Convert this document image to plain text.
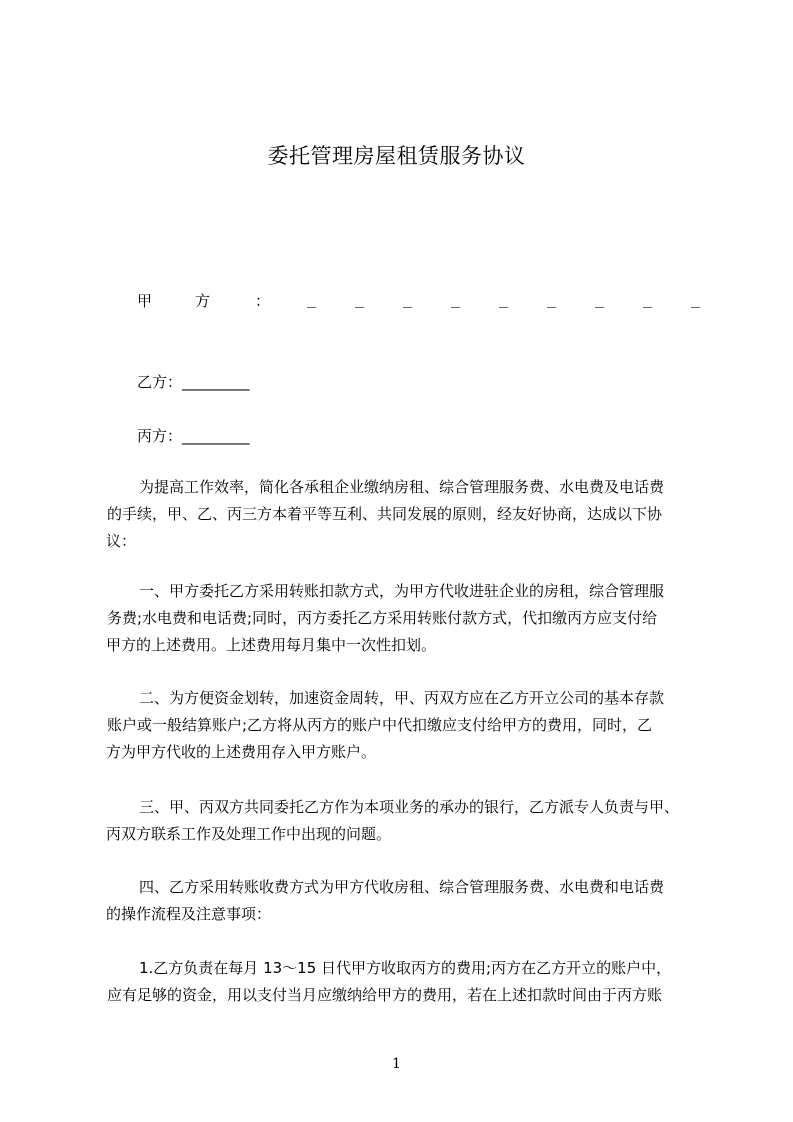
委托管理房屋租赁服务协议
甲	方	： _	_	_	_	_	_	_	_	_
乙方：_________
丙方：_________
为提高工作效率，简化各承租企业缴纳房租、综合管理服务费、水电费及电话费
的手续，甲、乙、丙三方本着平等互利、共同发展的原则，经友好协商，达成以下协
议：
一、甲方委托乙方采用转账扣款方式，为甲方代收进驻企业的房租，综合管理服
务费;水电费和电话费;同时，丙方委托乙方采用转账付款方式，代扣缴丙方应支付给
甲方的上述费用。上述费用每月集中一次性扣划。
二、为方便资金划转，加速资金周转，甲、丙双方应在乙方开立公司的基本存款
账户或一般结算账户;乙方将从丙方的账户中代扣缴应支付给甲方的费用，同时，乙
方为甲方代收的上述费用存入甲方账户。
三、甲、丙双方共同委托乙方作为本项业务的承办的银行，乙方派专人负责与甲、
丙双方联系工作及处理工作中出现的问题。
四、乙方采用转账收费方式为甲方代收房租、综合管理服务费、水电费和电话费
的操作流程及注意事项：
1.乙方负责在每月 13～15 日代甲方收取丙方的费用;丙方在乙方开立的账户中，
应有足够的资金，用以支付当月应缴纳给甲方的费用，若在上述扣款时间由于丙方账
1
